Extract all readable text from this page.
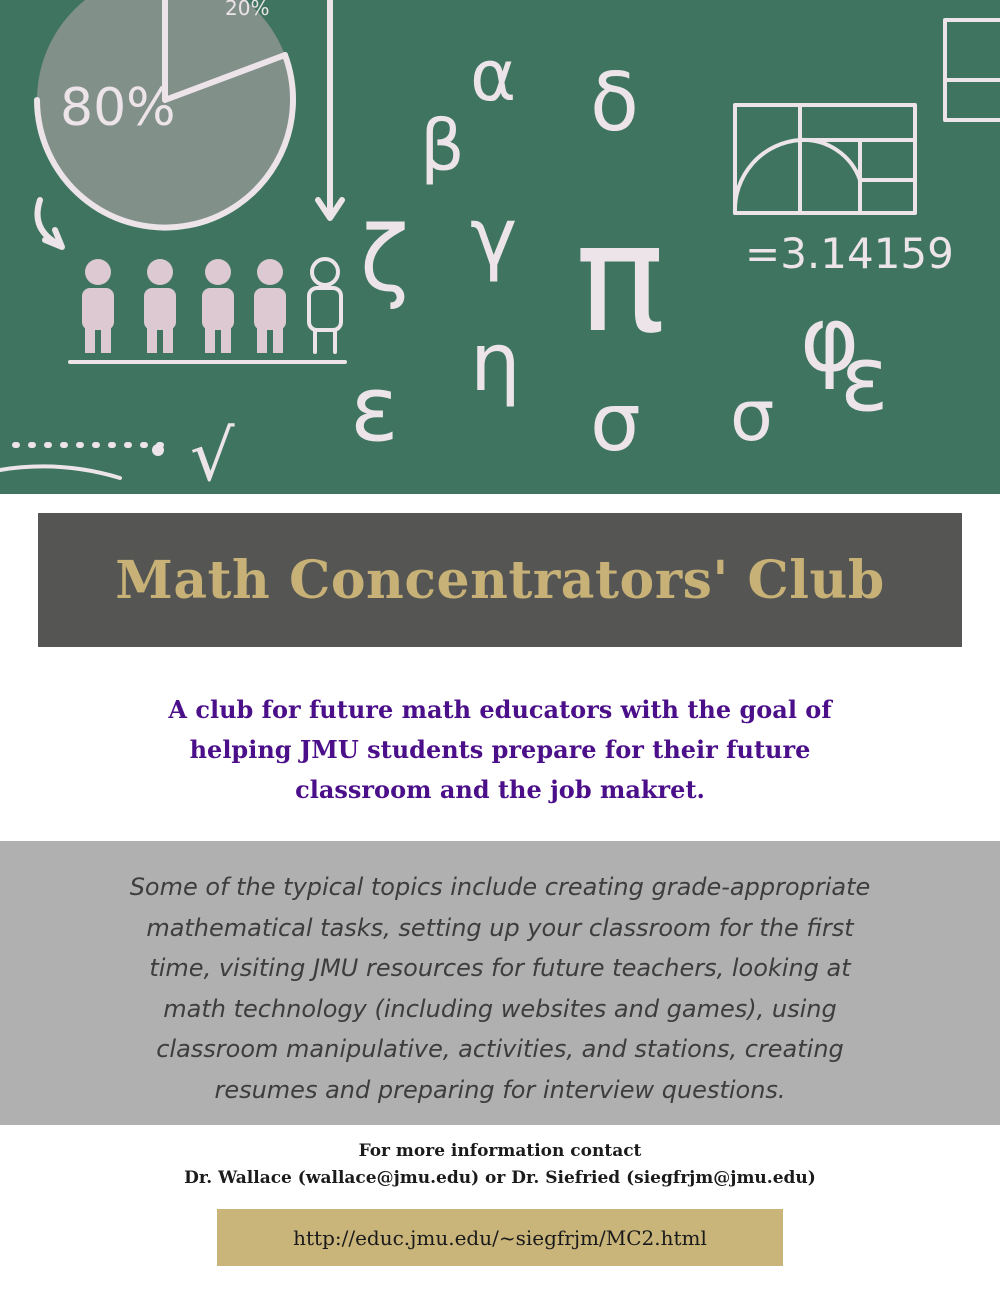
80%
20%
β
α δ
γ
ζ
η
ε σ
φ
√
π
σ ε
=3.14159
Math Concentrators' Club
A club for future math educators with the goal of
helping JMU students prepare for their future
classroom and the job makret.
Some of the typical topics include creating grade-appropriate
mathematical tasks, setting up your classroom for the first
time, visiting JMU resources for future teachers, looking at
math technology (including websites and games), using
classroom manipulative, activities, and stations, creating
resumes and preparing for interview questions.
For more information contact
Dr. Wallace (wallace@jmu.edu) or Dr. Siefried (siegfrjm@jmu.edu)
http://educ.jmu.edu/~siegfrjm/MC2.html
